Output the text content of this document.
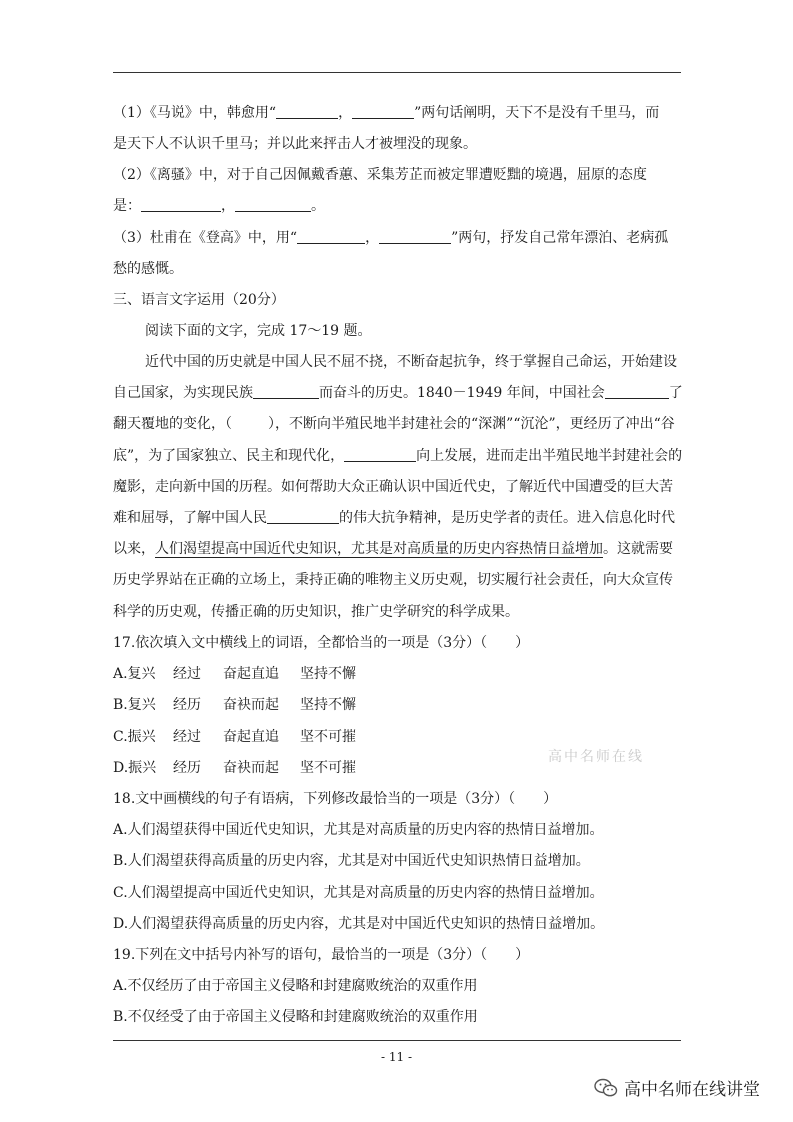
（1）《马说》中，韩愈用“	，	”两句话阐明，天下不是没有千里马，而
是天下人不认识千里马；并以此来抨击人才被埋没的现象。
（2）《离骚》中，对于自己因佩戴香蕙、采集芳芷而被定罪遭贬黜的境遇，屈原的态度
是：	，	。
（3）杜甫在《登高》中，用“	，	”两句，抒发自己常年漂泊、老病孤
愁的感慨。
三、语言文字运用（20分）
阅读下面的文字，完成 17～19 题。
近代中国的历史就是中国人民不屈不挠，不断奋起抗争，终于掌握自己命运，开始建设
自己国家，为实现民族	而奋斗的历史。1840－1949 年间，中国社会	了
翻天覆地的变化，（	），不断向半殖民地半封建社会的“深渊”“沉沦”，更经历了冲出“谷
底”，为了国家独立、民主和现代化，	向上发展，进而走出半殖民地半封建社会的
魔影，走向新中国的历程。如何帮助大众正确认识中国近代史，了解近代中国遭受的巨大苦
难和屈辱，了解中国人民	的伟大抗争精神，是历史学者的责任。进入信息化时代
以来，人们渴望提高中国近代史知识，尤其是对高质量的历史内容热情日益增加。这就需要
历史学界站在正确的立场上，秉持正确的唯物主义历史观，切实履行社会责任，向大众宣传
科学的历史观，传播正确的历史知识，推广史学研究的科学成果。
17.依次填入文中横线上的词语，全都恰当的一项是（3分）（　　）
A.复兴 经过 奋起直追 坚持不懈
B.复兴 经历 奋袂而起 坚持不懈
C.振兴 经过 奋起直追 坚不可摧
D.振兴 经历 奋袂而起 坚不可摧
高中名师在线
18.文中画横线的句子有语病，下列修改最恰当的一项是（3分）（　　）
A.人们渴望获得中国近代史知识，尤其是对高质量的历史内容的热情日益增加。
B.人们渴望获得高质量的历史内容，尤其是对中国近代史知识热情日益增加。
C.人们渴望提高中国近代史知识，尤其是对高质量的历史内容的热情日益增加。
D.人们渴望获得高质量的历史内容，尤其是对中国近代史知识的热情日益增加。
19.下列在文中括号内补写的语句，最恰当的一项是（3分）（　　）
A.不仅经历了由于帝国主义侵略和封建腐败统治的双重作用
B.不仅经受了由于帝国主义侵略和封建腐败统治的双重作用
- 11 -
高中名师在线讲堂
